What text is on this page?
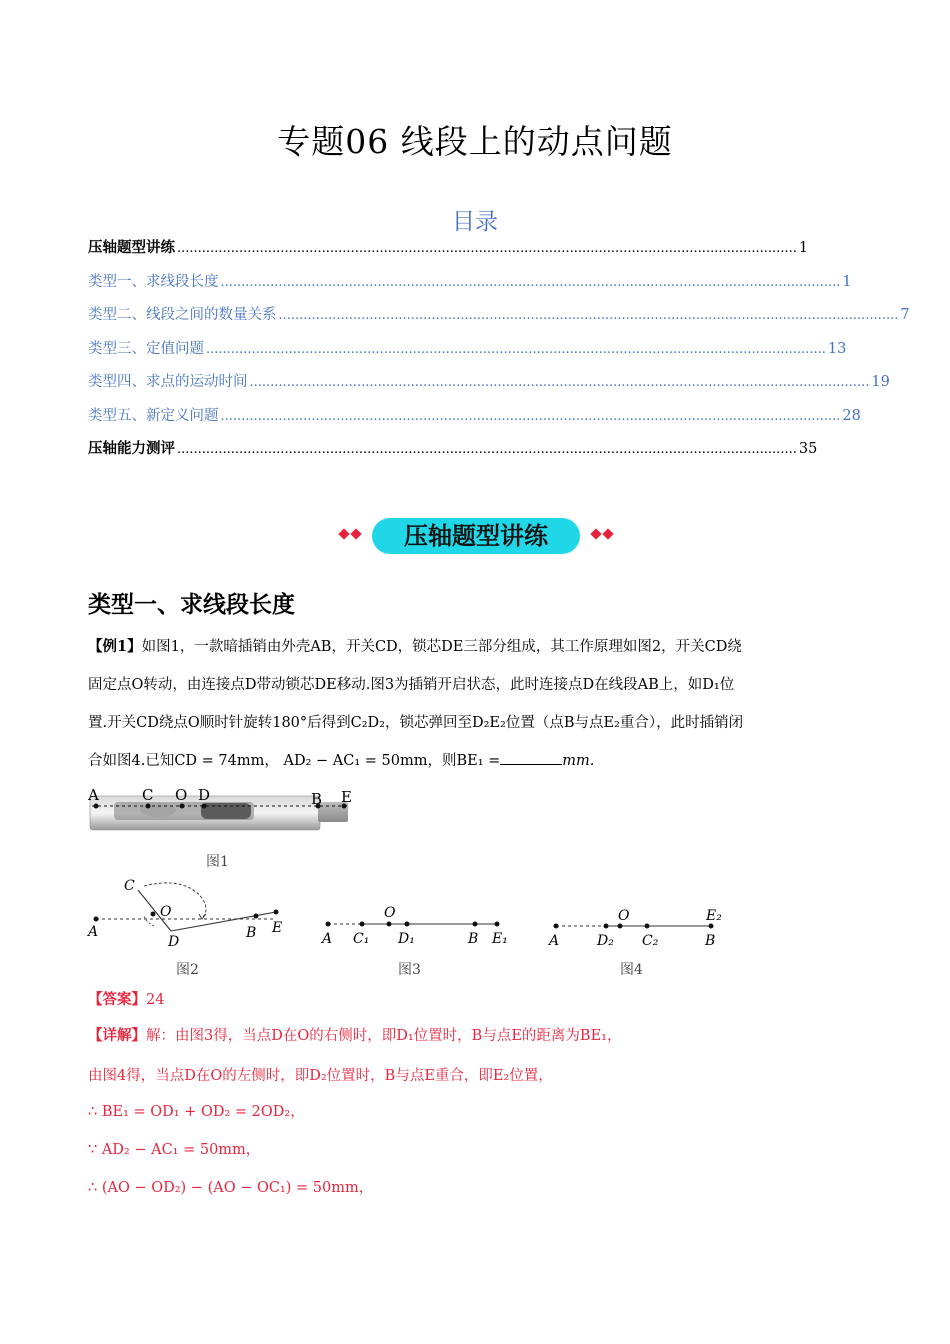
专题06 线段上的动点问题
目录
压轴题型讲练 ...................................................................................................................................................... 1
类型一、求线段长度 ...................................................................................................................................................... 1
类型二、线段之间的数量关系 ...................................................................................................................................................... 7
类型三、定值问题 ...................................................................................................................................................... 13
类型四、求点的运动时间 ...................................................................................................................................................... 19
类型五、新定义问题 ...................................................................................................................................................... 28
压轴能力测评 ...................................................................................................................................................... 35
压轴题型讲练
类型一、求线段长度
【例1】如图1，一款暗插销由外壳AB，开关CD，锁芯DE三部分组成，其工作原理如图2，开关CD绕
固定点O转动，由连接点D带动锁芯DE移动.图3为插销开启状态，此时连接点D在线段AB上，如D₁位
置.开关CD绕点O顺时针旋转180°后得到C₂D₂，锁芯弹回至D₂E₂位置（点B与点E₂重合），此时插销闭
合如图4.已知CD = 74mm， AD₂ − AC₁ = 50mm，则BE₁ =	mm.
A	C O D	B E
图1
C
O
A
D
B E
图2
O
A C₁ D₁	B E₁
图3
O	E₂
A	D₂ C₂	B
图4
【答案】24
【详解】解：由图3得，当点D在O的右侧时，即D₁位置时，B与点E的距离为BE₁，
由图4得，当点D在O的左侧时，即D₂位置时，B与点E重合，即E₂位置，
∴ BE₁ = OD₁ + OD₂ = 2OD₂，
∵ AD₂ − AC₁ = 50mm，
∴ (AO − OD₂) − (AO − OC₁) = 50mm，
